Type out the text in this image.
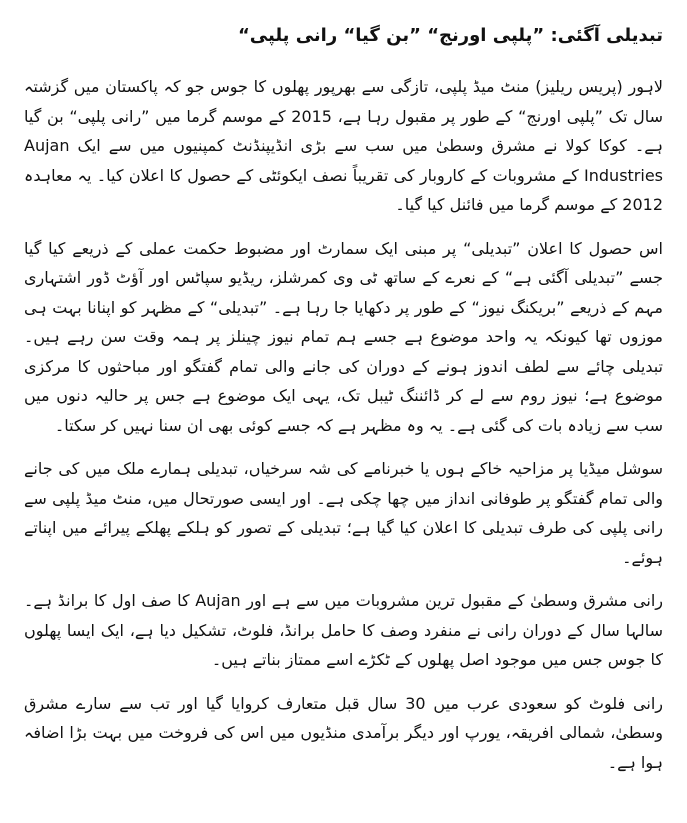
تبدیلی آگئی: ”پلپی اورنج“ ”بن گیا“ رانی پلپی“

لاہور (پریس ریلیز) منٹ میڈ پلپی، تازگی سے بھرپور پھلوں کا جوس جو کہ پاکستان میں گزشتہ سال تک ”پلپی اورنج“ کے طور پر مقبول رہا ہے، 2015 کے موسم گرما میں ”رانی پلپی“ بن گیا ہے۔ کوکا کولا نے مشرق وسطیٰ میں سب سے بڑی انڈیپنڈنٹ کمپنیوں میں سے ایک Aujan Industries کے مشروبات کے کاروبار کی تقریباً نصف ایکوئٹی کے حصول کا اعلان کیا۔ یہ معاہدہ 2012 کے موسم گرما میں فائنل کیا گیا۔

اس حصول کا اعلان ”تبدیلی“ پر مبنی ایک سمارٹ اور مضبوط حکمت عملی کے ذریعے کیا گیا جسے ”تبدیلی آگئی ہے“ کے نعرے کے ساتھ ٹی وی کمرشلز، ریڈیو سپاٹس اور آؤٹ ڈور اشتہاری مہم کے ذریعے ”بریکنگ نیوز“ کے طور پر دکھایا جا رہا ہے۔ ”تبدیلی“ کے مظہر کو اپنانا بہت ہی موزوں تھا کیونکہ یہ واحد موضوع ہے جسے ہم تمام نیوز چینلز پر ہمہ وقت سن رہے ہیں۔ تبدیلی چائے سے لطف اندوز ہونے کے دوران کی جانے والی تمام گفتگو اور مباحثوں کا مرکزی موضوع ہے؛ نیوز روم سے لے کر ڈائننگ ٹیبل تک، یہی ایک موضوع ہے جس پر حالیہ دنوں میں سب سے زیادہ بات کی گئی ہے۔ یہ وہ مظہر ہے کہ جسے کوئی بھی ان سنا نہیں کر سکتا۔

سوشل میڈیا پر مزاحیہ خاکے ہوں یا خبرنامے کی شہ سرخیاں، تبدیلی ہمارے ملک میں کی جانے والی تمام گفتگو پر طوفانی انداز میں چھا چکی ہے۔ اور ایسی صورتحال میں، منٹ میڈ پلپی سے رانی پلپی کی طرف تبدیلی کا اعلان کیا گیا ہے؛ تبدیلی کے تصور کو ہلکے پھلکے پیرائے میں اپناتے ہوئے۔

رانی مشرق وسطیٰ کے مقبول ترین مشروبات میں سے ہے اور Aujan کا صف اول کا برانڈ ہے۔ سالہا سال کے دوران رانی نے منفرد وصف کا حامل برانڈ، فلوٹ، تشکیل دیا ہے، ایک ایسا پھلوں کا جوس جس میں موجود اصل پھلوں کے ٹکڑے اسے ممتاز بناتے ہیں۔

رانی فلوٹ کو سعودی عرب میں 30 سال قبل متعارف کروایا گیا اور تب سے سارے مشرق وسطیٰ، شمالی افریقہ، یورپ اور دیگر برآمدی منڈیوں میں اس کی فروخت میں بہت بڑا اضافہ ہوا ہے۔
